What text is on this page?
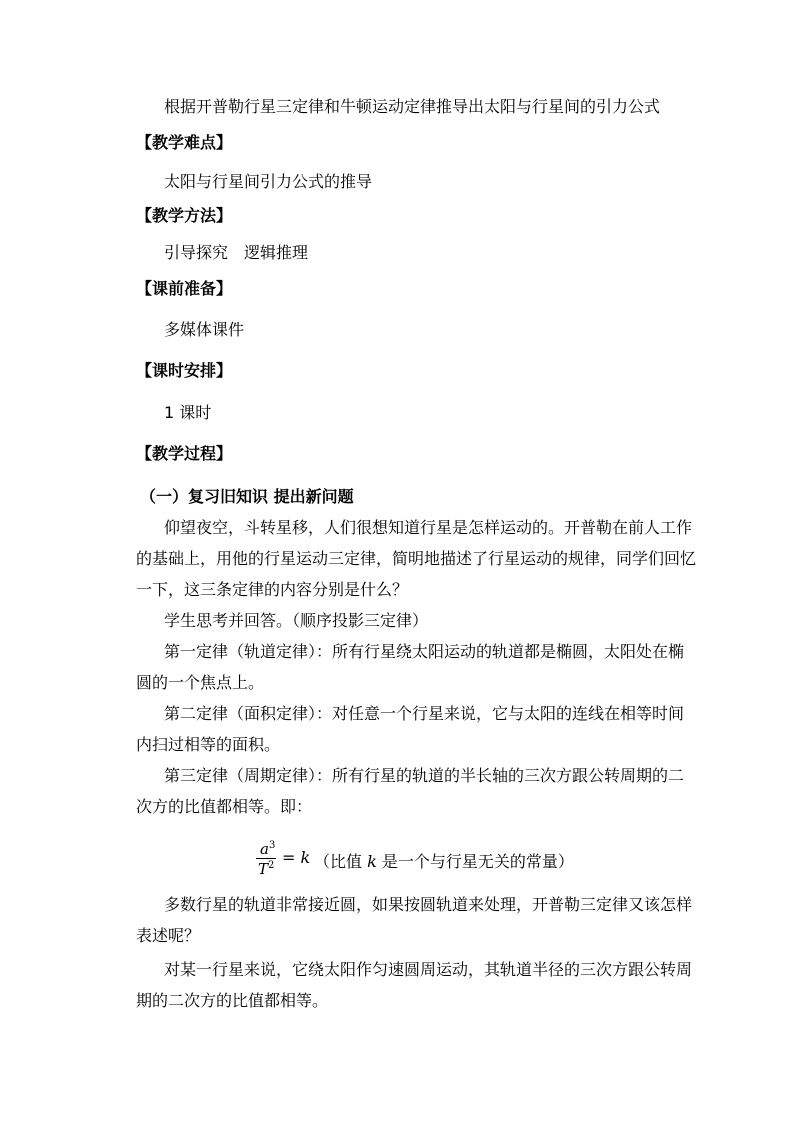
根据开普勒行星三定律和牛顿运动定律推导出太阳与行星间的引力公式
【教学难点】
太阳与行星间引力公式的推导
【教学方法】
引导探究　逻辑推理
【课前准备】
多媒体课件
【课时安排】
1 课时
【教学过程】
（一）复习旧知识 提出新问题
仰望夜空，斗转星移，人们很想知道行星是怎样运动的。开普勒在前人工作
的基础上，用他的行星运动三定律，简明地描述了行星运动的规律，同学们回忆
一下，这三条定律的内容分别是什么？
学生思考并回答。（顺序投影三定律）
第一定律（轨道定律）：所有行星绕太阳运动的轨道都是椭圆，太阳处在椭
圆的一个焦点上。
第二定律（面积定律）：对任意一个行星来说，它与太阳的连线在相等时间
内扫过相等的面积。
第三定律（周期定律）：所有行星的轨道的半长轴的三次方跟公转周期的二
次方的比值都相等。即：
$a^3$
$T^2 = k$ （比值 k 是一个与行星无关的常量）
多数行星的轨道非常接近圆，如果按圆轨道来处理，开普勒三定律又该怎样
表述呢？
对某一行星来说，它绕太阳作匀速圆周运动，其轨道半径的三次方跟公转周
期的二次方的比值都相等。
